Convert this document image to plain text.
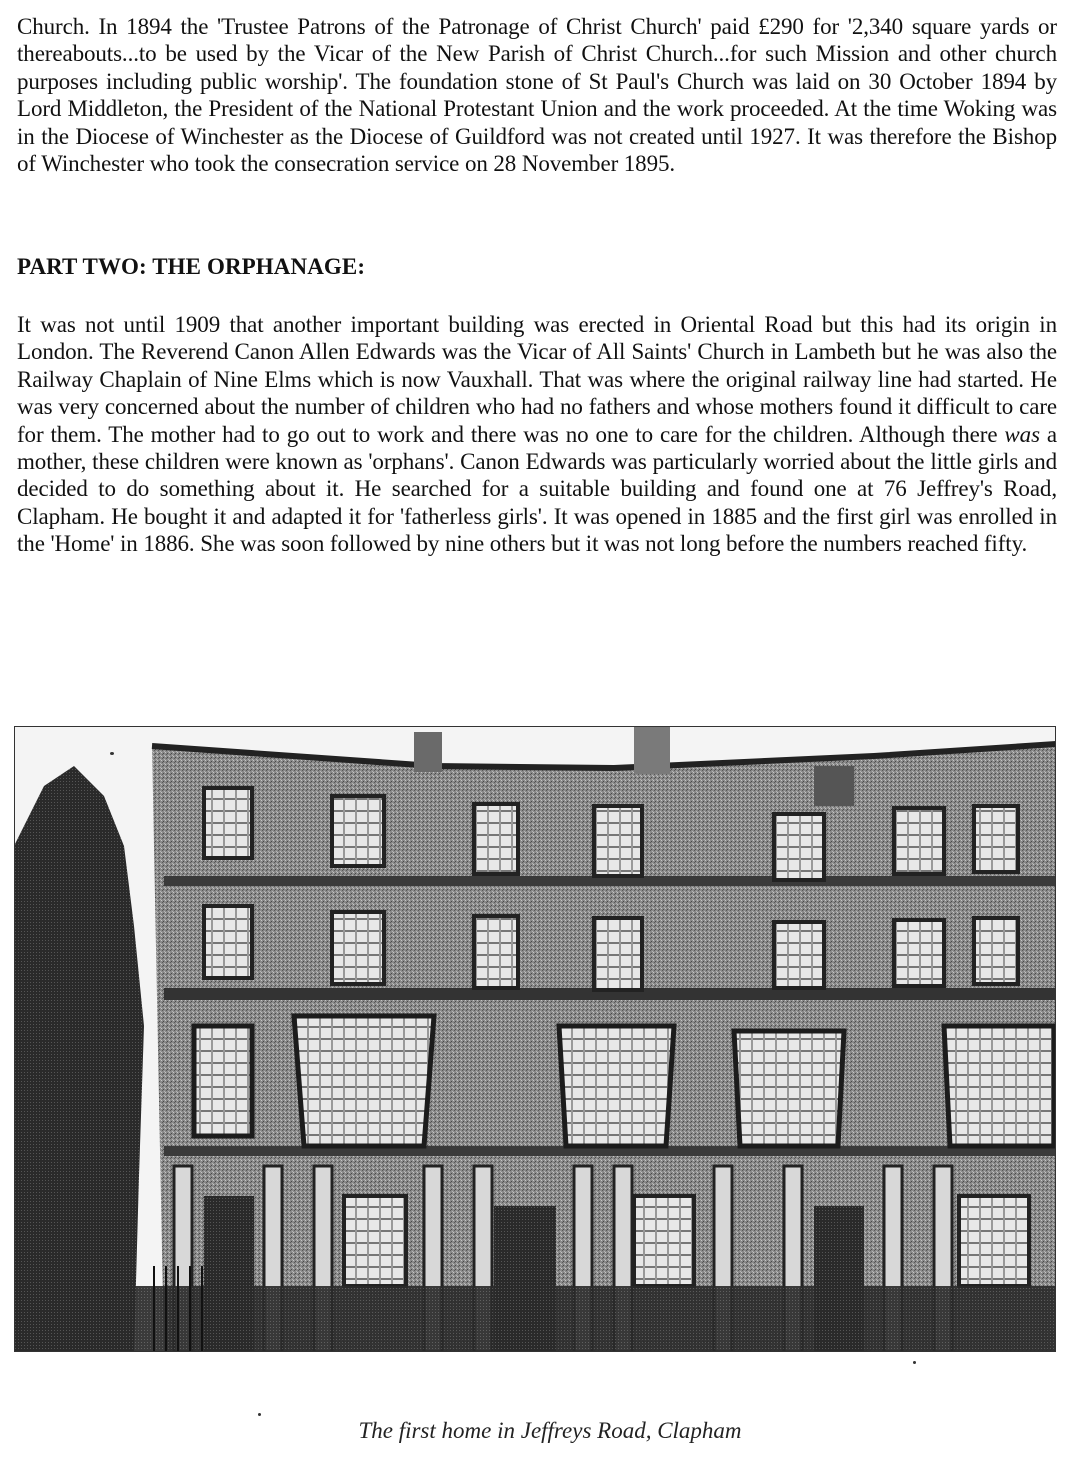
Church. In 1894 the 'Trustee Patrons of the Patronage of Christ Church' paid £290 for '2,340 square yards or thereabouts...to be used by the Vicar of the New Parish of Christ Church...for such Mission and other church purposes including public worship'. The foundation stone of St Paul's Church was laid on 30 October 1894 by Lord Middleton, the President of the National Protestant Union and the work proceeded. At the time Woking was in the Diocese of Winchester as the Diocese of Guildford was not created until 1927. It was therefore the Bishop of Winchester who took the consecration service on 28 November 1895.

PART TWO: THE ORPHANAGE:

It was not until 1909 that another important building was erected in Oriental Road but this had its origin in London. The Reverend Canon Allen Edwards was the Vicar of All Saints' Church in Lambeth but he was also the Railway Chaplain of Nine Elms which is now Vauxhall. That was where the original railway line had started. He was very concerned about the number of children who had no fathers and whose mothers found it difficult to care for them. The mother had to go out to work and there was no one to care for the children. Although there was a mother, these children were known as 'orphans'. Canon Edwards was particularly worried about the little girls and decided to do something about it. He searched for a suitable building and found one at 76 Jeffrey's Road, Clapham. He bought it and adapted it for 'fatherless girls'. It was opened in 1885 and the first girl was enrolled in the 'Home' in 1886. She was soon followed by nine others but it was not long before the numbers reached fifty.

The first home in Jeffreys Road, Clapham
